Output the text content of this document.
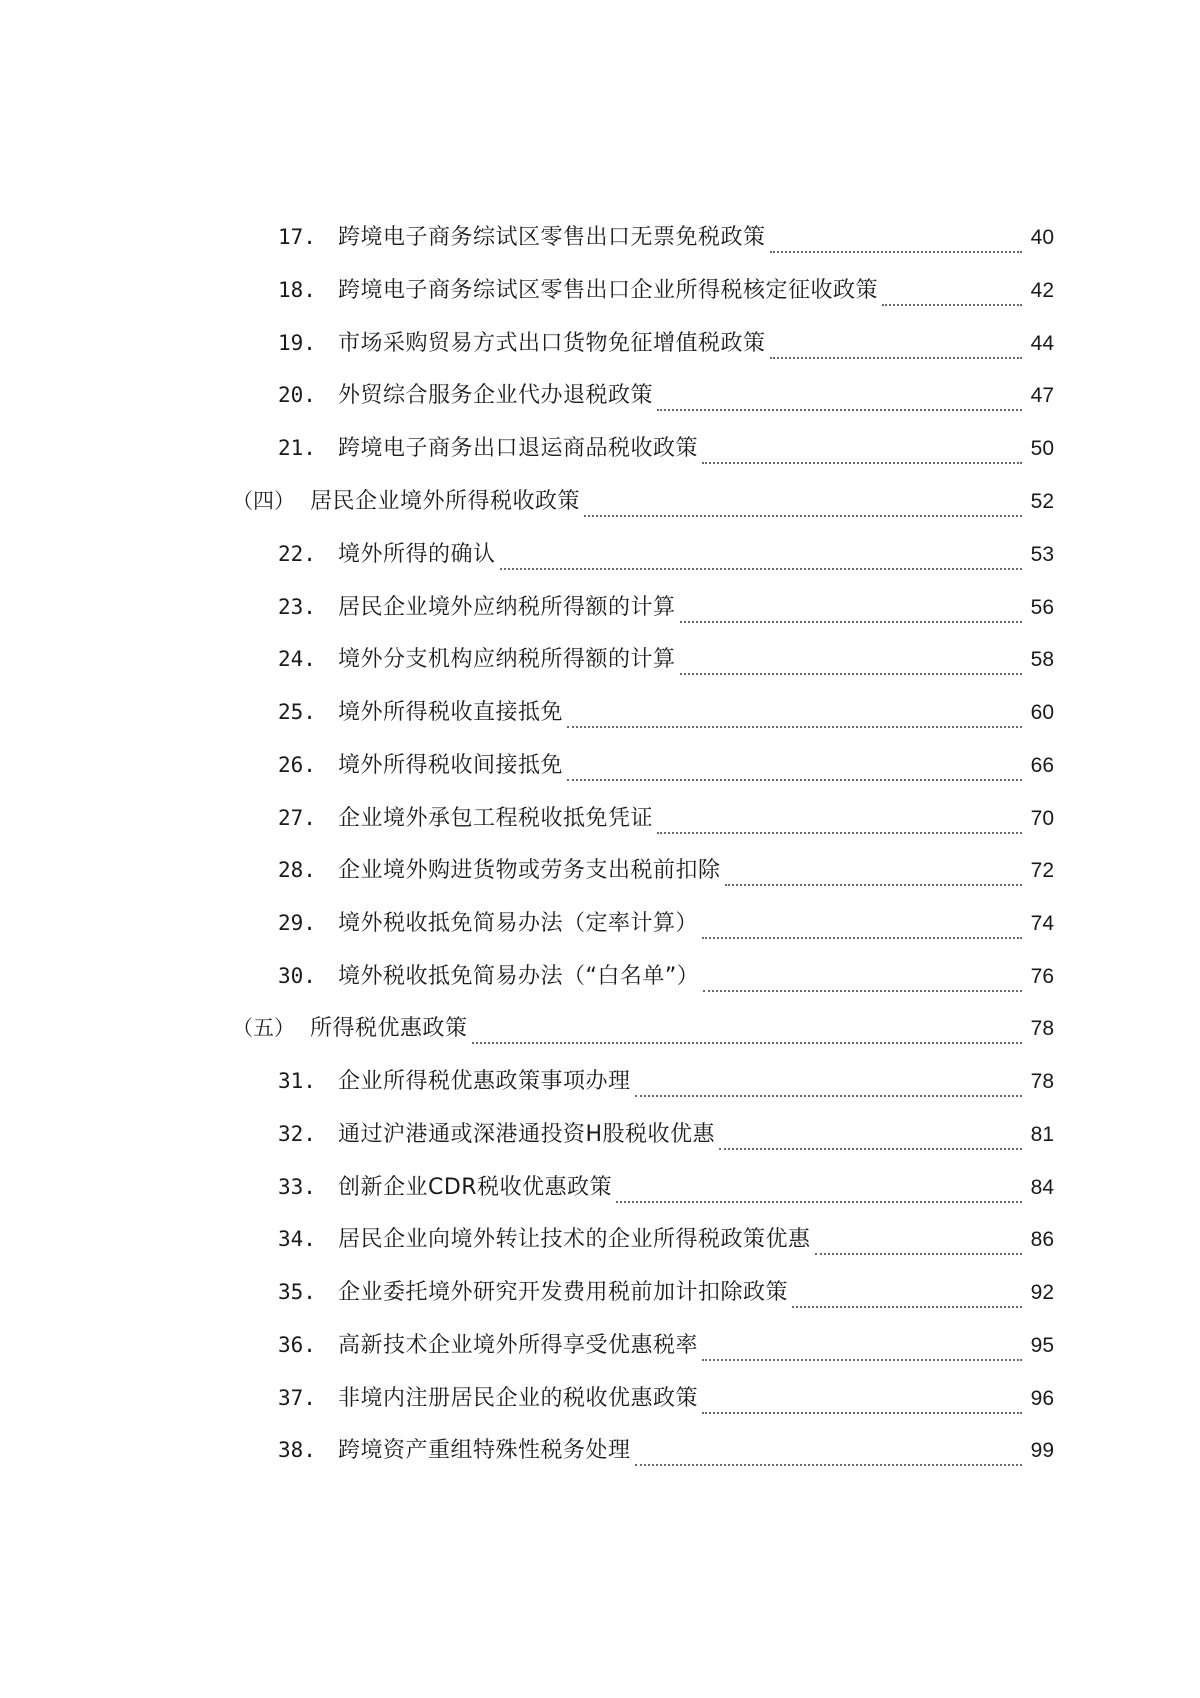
17.	跨境电子商务综试区零售出口无票免税政策	40
18.	跨境电子商务综试区零售出口企业所得税核定征收政策	42
19.	市场采购贸易方式出口货物免征增值税政策	44
20.	外贸综合服务企业代办退税政策	47
21.	跨境电子商务出口退运商品税收政策	50
（四） 居民企业境外所得税收政策	52
22.	境外所得的确认	53
23.	居民企业境外应纳税所得额的计算	56
24.	境外分支机构应纳税所得额的计算	58
25.	境外所得税收直接抵免	60
26.	境外所得税收间接抵免	66
27.	企业境外承包工程税收抵免凭证	70
28.	企业境外购进货物或劳务支出税前扣除	72
29.	境外税收抵免简易办法（定率计算）	74
30.	境外税收抵免简易办法（“白名单”）	76
（五） 所得税优惠政策	78
31.	企业所得税优惠政策事项办理	78
32.	通过沪港通或深港通投资H股税收优惠	81
33.	创新企业CDR税收优惠政策	84
34.	居民企业向境外转让技术的企业所得税政策优惠	86
35.	企业委托境外研究开发费用税前加计扣除政策	92
36.	高新技术企业境外所得享受优惠税率	95
37.	非境内注册居民企业的税收优惠政策	96
38.	跨境资产重组特殊性税务处理	99
